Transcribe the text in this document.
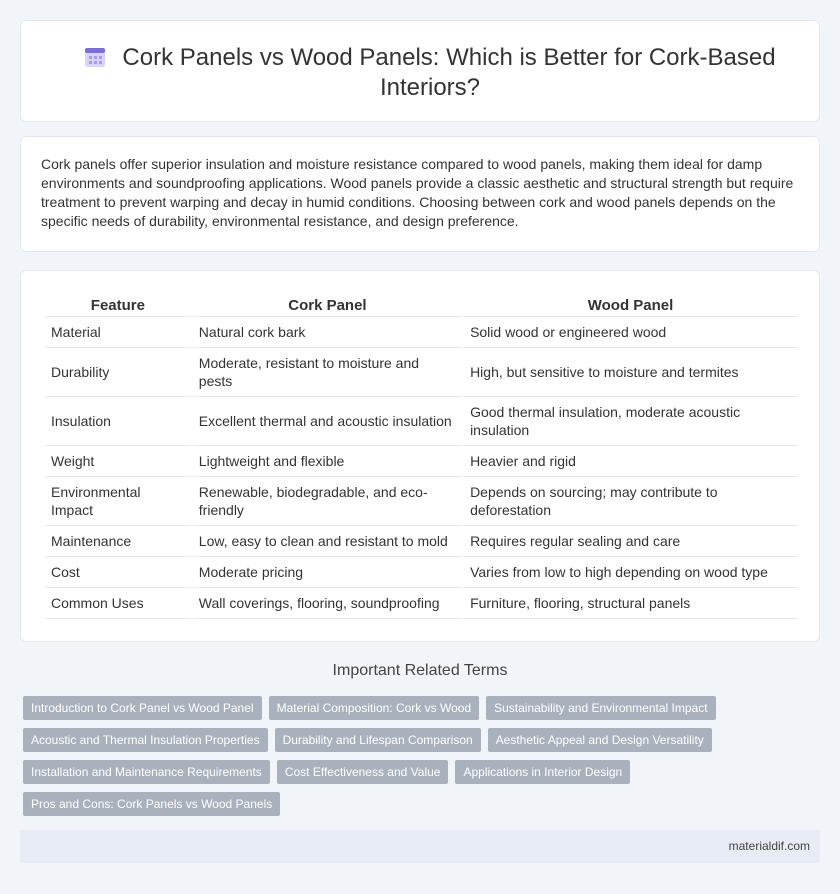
Cork Panels vs Wood Panels: Which is Better for Cork-Based Interiors?

Cork panels offer superior insulation and moisture resistance compared to wood panels, making them ideal for damp environments and soundproofing applications. Wood panels provide a classic aesthetic and structural strength but require treatment to prevent warping and decay in humid conditions. Choosing between cork and wood panels depends on the specific needs of durability, environmental resistance, and design preference.

Feature	Cork Panel	Wood Panel
Material	Natural cork bark	Solid wood or engineered wood
Durability	Moderate, resistant to moisture and pests	High, but sensitive to moisture and termites
Insulation	Excellent thermal and acoustic insulation	Good thermal insulation, moderate acoustic insulation
Weight	Lightweight and flexible	Heavier and rigid
Environmental Impact	Renewable, biodegradable, and eco-friendly	Depends on sourcing; may contribute to deforestation
Maintenance	Low, easy to clean and resistant to mold	Requires regular sealing and care
Cost	Moderate pricing	Varies from low to high depending on wood type
Common Uses	Wall coverings, flooring, soundproofing	Furniture, flooring, structural panels
Important Related Terms
Introduction to Cork Panel vs Wood Panel	Material Composition: Cork vs Wood	Sustainability and Environmental Impact
Acoustic and Thermal Insulation Properties	Durability and Lifespan Comparison	Aesthetic Appeal and Design Versatility
Installation and Maintenance Requirements	Cost Effectiveness and Value	Applications in Interior Design
Pros and Cons: Cork Panels vs Wood Panels
materialdif.com
